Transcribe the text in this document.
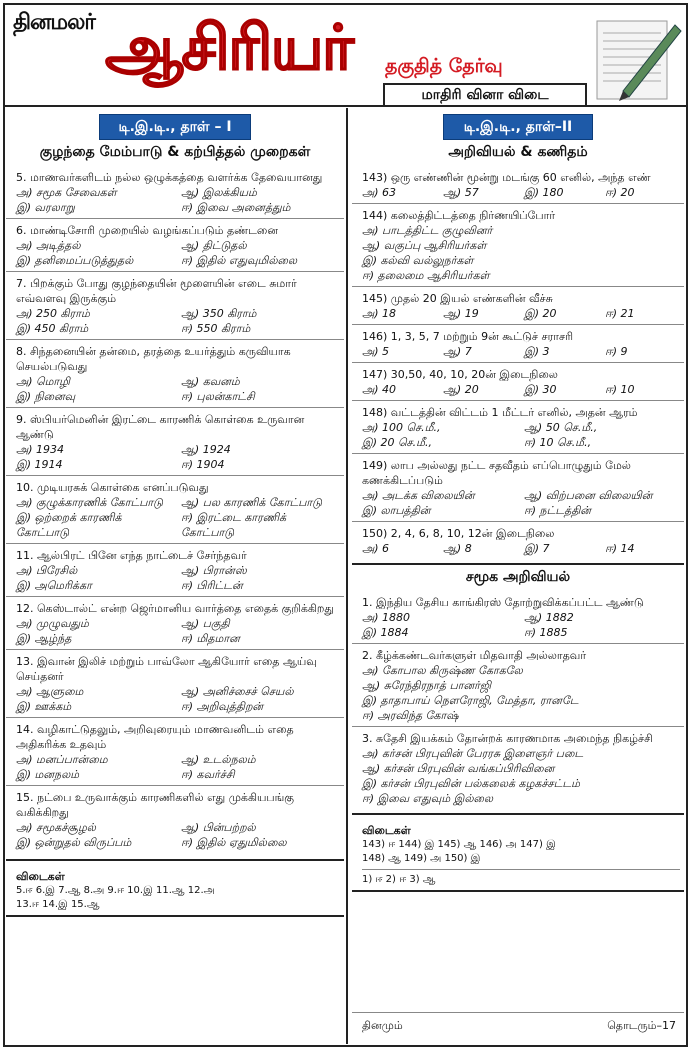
தினமலர் ஆசிரியர் தகுதித் தேர்வு
மாதிரி வினா விடை
டி.இ.டி., தாள் – I
குழந்தை மேம்பாடு & கற்பித்தல் முறைகள்
5. மாணவர்களிடம் நல்ல ஒழுக்கத்தை வளர்க்க தேவையானது
அ) சமூக சேவைகள்	ஆ) இலக்கியம்
இ) வரலாறு	ஈ) இவை அனைத்தும்
6. மாண்டிசோரி முறையில் வழங்கப்படும் தண்டனை
அ) அடித்தல்	ஆ) திட்டுதல்
இ) தனிமைப்படுத்துதல்	ஈ) இதில் எதுவுமில்லை
7. பிறக்கும் போது குழந்தையின் மூளையின் எடை சுமார் எவ்வளவு இருக்கும்
அ) 250 கிராம்	ஆ) 350 கிராம்
இ) 450 கிராம்	ஈ) 550 கிராம்
8. சிந்தனையின் தன்மை, தரத்தை உயர்த்தும் கருவியாக செயல்படுவது
அ) மொழி	ஆ) கவனம்
இ) நினைவு	ஈ) புலன்காட்சி
9. ஸ்பியர்மெனின் இரட்டை காரணிக் கொள்கை உருவான ஆண்டு
அ) 1934	ஆ) 1924
இ) 1914	ஈ) 1904
10. முடியரசுக் கொள்கை எனப்படுவது
அ) குழுக்காரணிக் கோட்பாடு	ஆ) பல காரணிக் கோட்பாடு
இ) ஒற்றைக் காரணிக் கோட்பாடு
ஈ) இரட்டை காரணிக் கோட்பாடு
11. ஆல்பிரட் பினே எந்த நாட்டைச் சேர்ந்தவர்
அ) பிரேசில்	ஆ) பிரான்ஸ்
இ) அமெரிக்கா	ஈ) பிரிட்டன்
12. கெஸ்டால்ட் என்ற ஜெர்மானிய வார்த்தை எதைக் குறிக்கிறது
அ) முழுவதும்	ஆ) பகுதி
இ) ஆழ்ந்த	ஈ) மிதமான
13. இவான் இலிச் மற்றும் பாவ்லோ ஆகியோர் எதை ஆய்வு செய்தனர்
அ) ஆளுமை	ஆ) அனிச்சைச் செயல்
இ) ஊக்கம்	ஈ) அறிவுத்திறன்
14. வழிகாட்டுதலும், அறிவுரையும் மாணவனிடம் எதை அதிகரிக்க உதவும்
அ) மனப்பான்மை	ஆ) உடல்நலம்
இ) மனநலம்	ஈ) கவர்ச்சி
15. நட்பை உருவாக்கும் காரணிகளில் எது முக்கியபங்கு வகிக்கிறது
அ) சமூகச்சூழல்	ஆ) பின்பற்றல்
இ) ஒன்றுதல் விருப்பம்	ஈ) இதில் ஏதுமில்லை
விடைகள்
5.ஈ 6.இ 7.ஆ 8.அ 9.ஈ 10.இ 11.ஆ 12.அ
13.ஈ 14.இ 15.ஆ
டி.இ.டி., தாள்–II
அறிவியல் & கணிதம்
143) ஒரு எண்ணின் மூன்று மடங்கு 60 எனில், அந்த எண்
அ) 63	ஆ) 57	இ) 180	ஈ) 20
144) கலைத்திட்டத்தை நிர்ணயிப்போர்
அ) பாடத்திட்ட குழுவினர்
ஆ) வகுப்பு ஆசிரியர்கள்
இ) கல்வி வல்லுநர்கள்
ஈ) தலைமை ஆசிரியர்கள்
145) முதல் 20 இயல் எண்களின் வீச்சு
அ) 18	ஆ) 19	இ) 20	ஈ) 21
146) 1, 3, 5, 7 மற்றும் 9ன் கூட்டுச் சராசரி
அ) 5	ஆ) 7	இ) 3	ஈ) 9
147) 30,50, 40, 10, 20ன் இடைநிலை
அ) 40	ஆ) 20	இ) 30	ஈ) 10
148) வட்டத்தின் விட்டம் 1 மீட்டர் எனில், அதன் ஆரம்
அ) 100 செ.மீ.,	ஆ) 50 செ.மீ.,
இ) 20 செ.மீ.,	ஈ) 10 செ.மீ.,
149) லாப அல்லது நட்ட சதவீதம் எப்பொழுதும் மேல் கணக்கிடப்படும்
அ) அடக்க விலையின்	ஆ) விற்பனை விலையின்
இ) லாபத்தின்	ஈ) நட்டத்தின்
150) 2, 4, 6, 8, 10, 12ன் இடைநிலை
அ) 6	ஆ) 8	இ) 7	ஈ) 14
சமூக அறிவியல்
1. இந்திய தேசிய காங்கிரஸ் தோற்றுவிக்கப்பட்ட ஆண்டு
அ) 1880	ஆ) 1882
இ) 1884	ஈ) 1885
2. கீழ்க்கண்டவர்களுள் மிதவாதி அல்லாதவர்
அ) கோபால கிருஷ்ண கோகலே
ஆ) சுரேந்திரநாத் பானர்ஜி
இ) தாதாபாய் நௌரோஜி, மேத்தா, ரானடே
ஈ) அரவிந்த கோஷ்
3. சுதேசி இயக்கம் தோன்றக் காரணமாக அமைந்த நிகழ்ச்சி
அ) கர்சன் பிரபுவின் பேரரசு இளைஞர் படை
ஆ) கர்சன் பிரபுவின் வங்கப்பிரிவினை
இ) கர்சன் பிரபுவின் பல்கலைக் கழகச்சட்டம்
ஈ) இவை எதுவும் இல்லை
விடைகள்
143) ஈ 144) இ 145) ஆ 146) அ 147) இ
148) ஆ 149) அ 150) இ
1) ஈ 2) ஈ 3) ஆ
தினமும்	தொடரும்–17
